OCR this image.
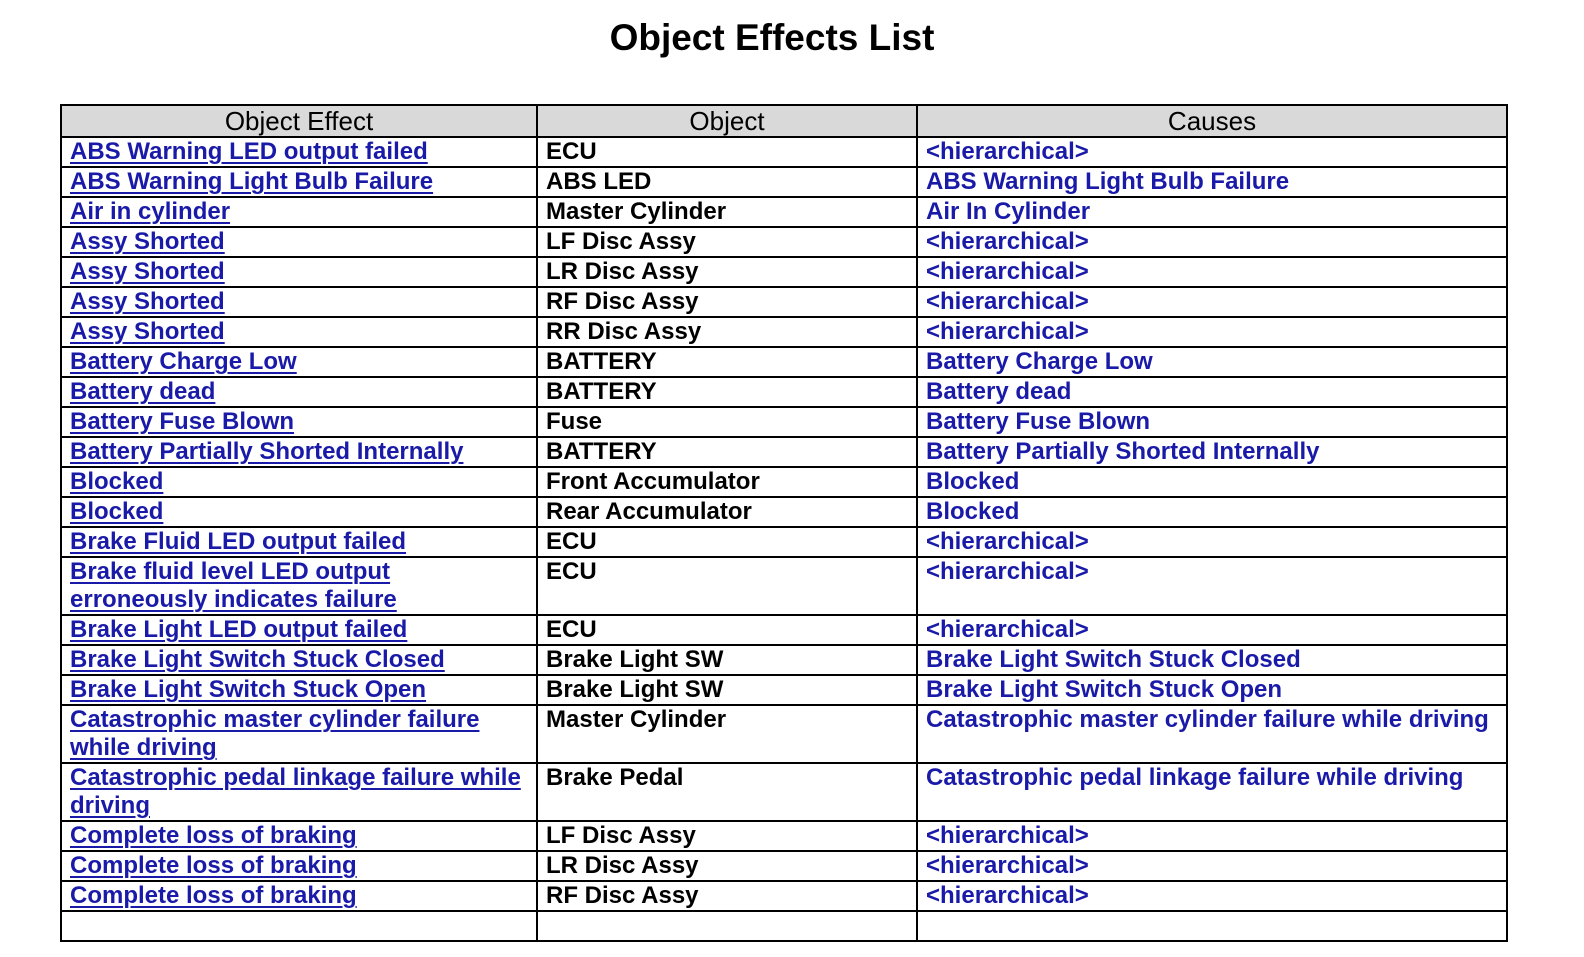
Object Effects List
Object Effect	Object	Causes
ABS Warning LED output failed	ECU	<hierarchical>
ABS Warning Light Bulb Failure	ABS LED	ABS Warning Light Bulb Failure
Air in cylinder	Master Cylinder	Air In Cylinder
Assy Shorted	LF Disc Assy	<hierarchical>
Assy Shorted	LR Disc Assy	<hierarchical>
Assy Shorted	RF Disc Assy	<hierarchical>
Assy Shorted	RR Disc Assy	<hierarchical>
Battery Charge Low	BATTERY	Battery Charge Low
Battery dead	BATTERY	Battery dead
Battery Fuse Blown	Fuse	Battery Fuse Blown
Battery Partially Shorted Internally	BATTERY	Battery Partially Shorted Internally
Blocked	Front Accumulator	Blocked
Blocked	Rear Accumulator	Blocked
Brake Fluid LED output failed	ECU	<hierarchical>
Brake fluid level LED output erroneously indicates failure	ECU	<hierarchical>
Brake Light LED output failed	ECU	<hierarchical>
Brake Light Switch Stuck Closed	Brake Light SW	Brake Light Switch Stuck Closed
Brake Light Switch Stuck Open	Brake Light SW	Brake Light Switch Stuck Open
Catastrophic master cylinder failure while driving	Master Cylinder	Catastrophic master cylinder failure while driving
Catastrophic pedal linkage failure while driving	Brake Pedal	Catastrophic pedal linkage failure while driving
Complete loss of braking	LF Disc Assy	<hierarchical>
Complete loss of braking	LR Disc Assy	<hierarchical>
Complete loss of braking	RF Disc Assy	<hierarchical>
